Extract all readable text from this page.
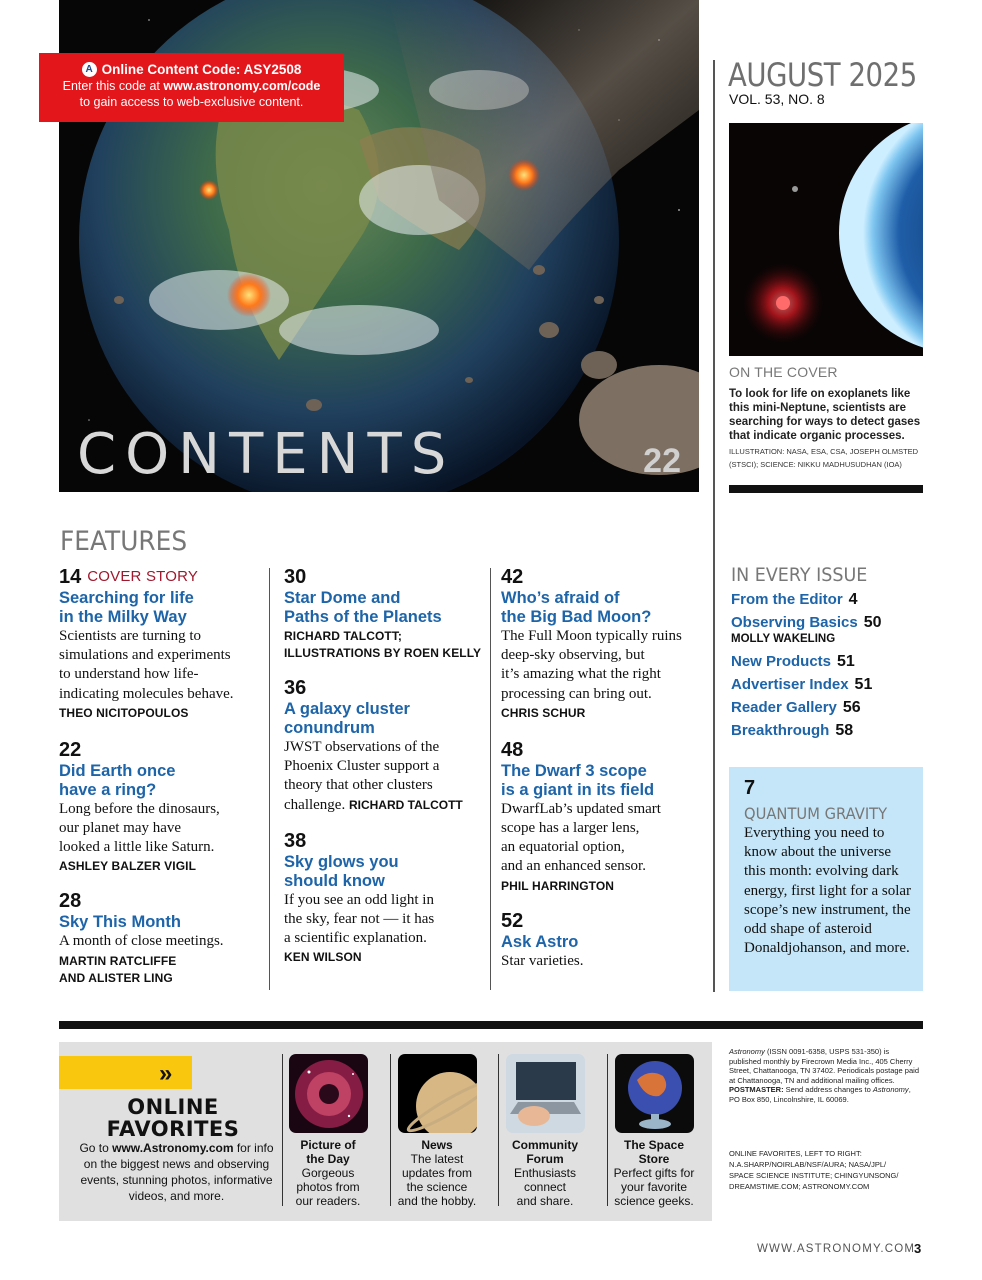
CONTENTS	22
A Online Content Code: ASY2508
Enter this code at www.astronomy.com/code
to gain access to web-exclusive content.
AUGUST 2025
VOL. 53, NO. 8
ON THE COVER
To look for life on exoplanets like this mini-Neptune, scientists are searching for ways to detect gases that indicate organic processes.
ILLUSTRATION: NASA, ESA, CSA, JOSEPH OLMSTED (STSCI); SCIENCE: NIKKU MADHUSUDHAN (IOA)
IN EVERY ISSUE
From the Editor 4
Observing Basics 50
MOLLY WAKELING
New Products 51
Advertiser Index 51
Reader Gallery 56
Breakthrough 58
7
QUANTUM GRAVITY
Everything you need to know about the universe this month: evolving dark energy, first light for a solar scope’s new instrument, the odd shape of asteroid Donaldjohanson, and more.
FEATURES
14 COVER STORY
Searching for life
in the Milky Way
Scientists are turning to
simulations and experiments
to understand how life-
indicating molecules behave.
THEO NICITOPOULOS
22
Did Earth once
have a ring?
Long before the dinosaurs,
our planet may have
looked a little like Saturn.
ASHLEY BALZER VIGIL
28
Sky This Month
A month of close meetings.
MARTIN RATCLIFFE
AND ALISTER LING
30
Star Dome and
Paths of the Planets
RICHARD TALCOTT;
ILLUSTRATIONS BY ROEN KELLY
36
A galaxy cluster
conundrum
JWST observations of the
Phoenix Cluster support a
theory that other clusters
challenge. RICHARD TALCOTT
38
Sky glows you
should know
If you see an odd light in
the sky, fear not — it has
a scientific explanation.
KEN WILSON
42
Who’s afraid of
the Big Bad Moon?
The Full Moon typically ruins
deep-sky observing, but
it’s amazing what the right
processing can bring out.
CHRIS SCHUR
48
The Dwarf 3 scope
is a giant in its field
DwarfLab’s updated smart
scope has a larger lens,
an equatorial option,
and an enhanced sensor.
PHIL HARRINGTON
52
Ask Astro
Star varieties.
»
ONLINE
FAVORITES
Go to www.Astronomy.com for info on the biggest news and observing events, stunning photos, informative videos, and more.
Picture of
the Day
Gorgeous
photos from
our readers.
News
The latest
updates from
the science
and the hobby.
Community
Forum
Enthusiasts
connect
and share.
The Space
Store
Perfect gifts for
your favorite
science geeks.
Astronomy (ISSN 0091-6358, USPS 531-350) is published monthly by Firecrown Media Inc., 405 Cherry Street, Chattanooga, TN 37402. Periodicals postage paid at Chattanooga, TN and additional mailing offices. POSTMASTER: Send address changes to Astronomy, PO Box 850, Lincolnshire, IL 60069.
ONLINE FAVORITES, LEFT TO RIGHT:
N.A.SHARP/NOIRLAB/NSF/AURA; NASA/JPL/
SPACE SCIENCE INSTITUTE; CHINGYUNSONG/
DREAMSTIME.COM; ASTRONOMY.COM
WWW.ASTRONOMY.COM
3
